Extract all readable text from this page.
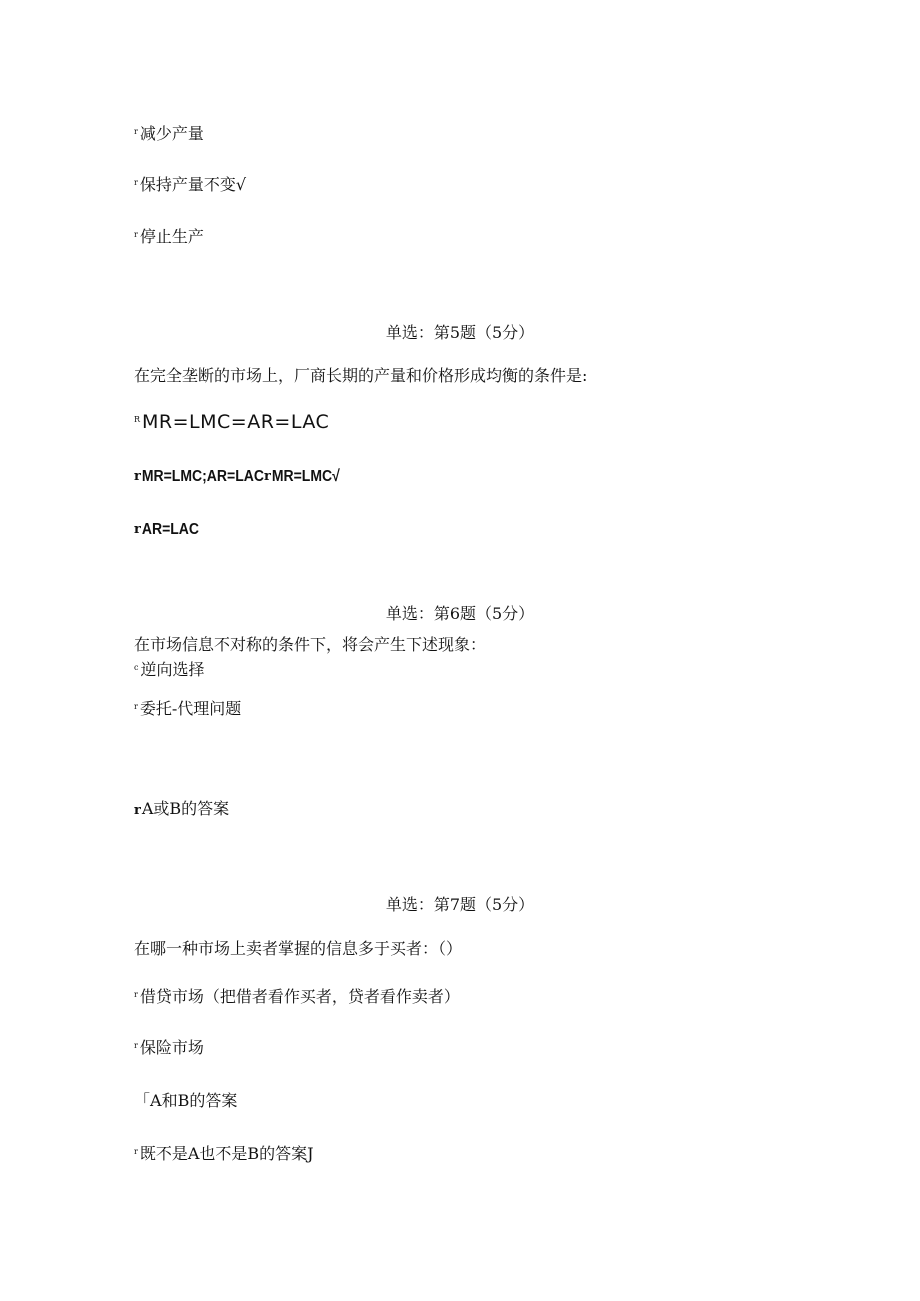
$^r$ 减少产量
$^r$ 保持产量不变√
$^r$ 停止生产
单选：第5题（5分）
在完全垄断的市场上，厂商长期的产量和价格形成均衡的条件是:
$^R$ MR=LMC=AR=LAC
rMR=LMC;AR=LACrMR=LMC√
rAR=LAC
单选：第6题（5分）
在市场信息不对称的条件下，将会产生下述现象：
$^c$ 逆向选择
$^r$ 委托-代理问题
rA或B的答案
单选：第7题（5分）
在哪一种市场上卖者掌握的信息多于买者：（）
$^r$ 借贷市场（把借者看作买者，贷者看作卖者）
$^r$ 保险市场
「A和B的答案
$^r$ 既不是A也不是B的答案J
